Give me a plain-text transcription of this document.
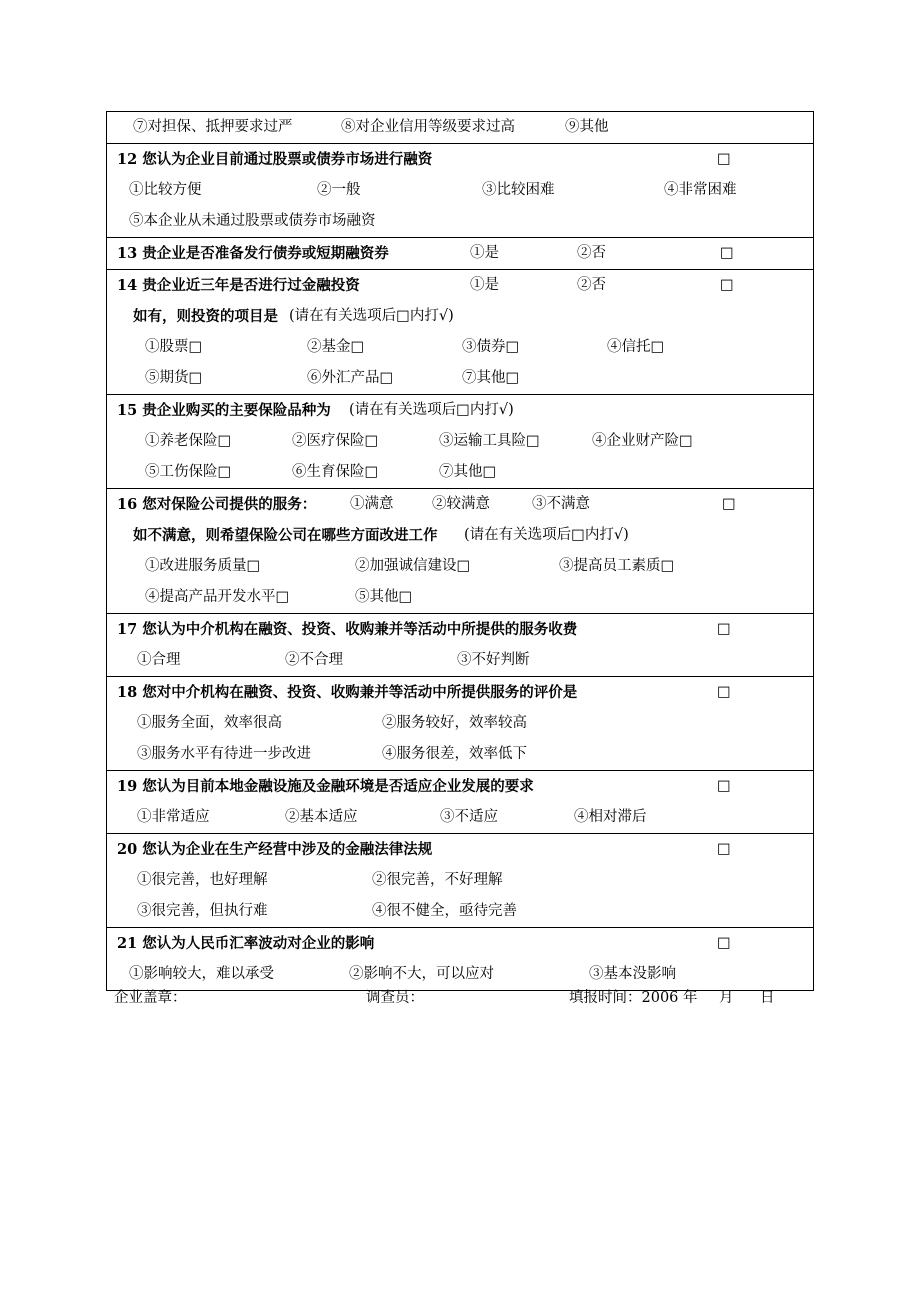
⑦对担保、抵押要求过严	⑧对企业信用等级要求过高	⑨其他
12 您认为企业目前通过股票或债券市场进行融资	□
①比较方便	②一般	③比较困难	④非常困难
⑤本企业从未通过股票或债券市场融资
13 贵企业是否准备发行债券或短期融资券	①是	②否	□
14 贵企业近三年是否进行过金融投资	①是	②否	□
如有，则投资的项目是 (请在有关选项后□内打√)
①股票□	②基金□	③债券□	④信托□
⑤期货□	⑥外汇产品□	⑦其他□
15 贵企业购买的主要保险品种为 (请在有关选项后□内打√)
①养老保险□	②医疗保险□	③运输工具险□	④企业财产险□
⑤工伤保险□	⑥生育保险□	⑦其他□
16 您对保险公司提供的服务： ①满意	②较满意	③不满意	□
如不满意，则希望保险公司在哪些方面改进工作 (请在有关选项后□内打√)
①改进服务质量□	②加强诚信建设□	③提高员工素质□
④提高产品开发水平□	⑤其他□
17 您认为中介机构在融资、投资、收购兼并等活动中所提供的服务收费	□
①合理	②不合理	③不好判断
18 您对中介机构在融资、投资、收购兼并等活动中所提供服务的评价是	□
①服务全面，效率很高	②服务较好，效率较高
③服务水平有待进一步改进	④服务很差，效率低下
19 您认为目前本地金融设施及金融环境是否适应企业发展的要求	□
①非常适应	②基本适应	③不适应	④相对滞后
20 您认为企业在生产经营中涉及的金融法律法规	□
①很完善，也好理解	②很完善，不好理解
③很完善，但执行难	④很不健全，亟待完善
21 您认为人民币汇率波动对企业的影响	□
①影响较大，难以承受	②影响不大，可以应对	③基本没影响
企业盖章：	调查员：	填报时间：2006 年 月 日
